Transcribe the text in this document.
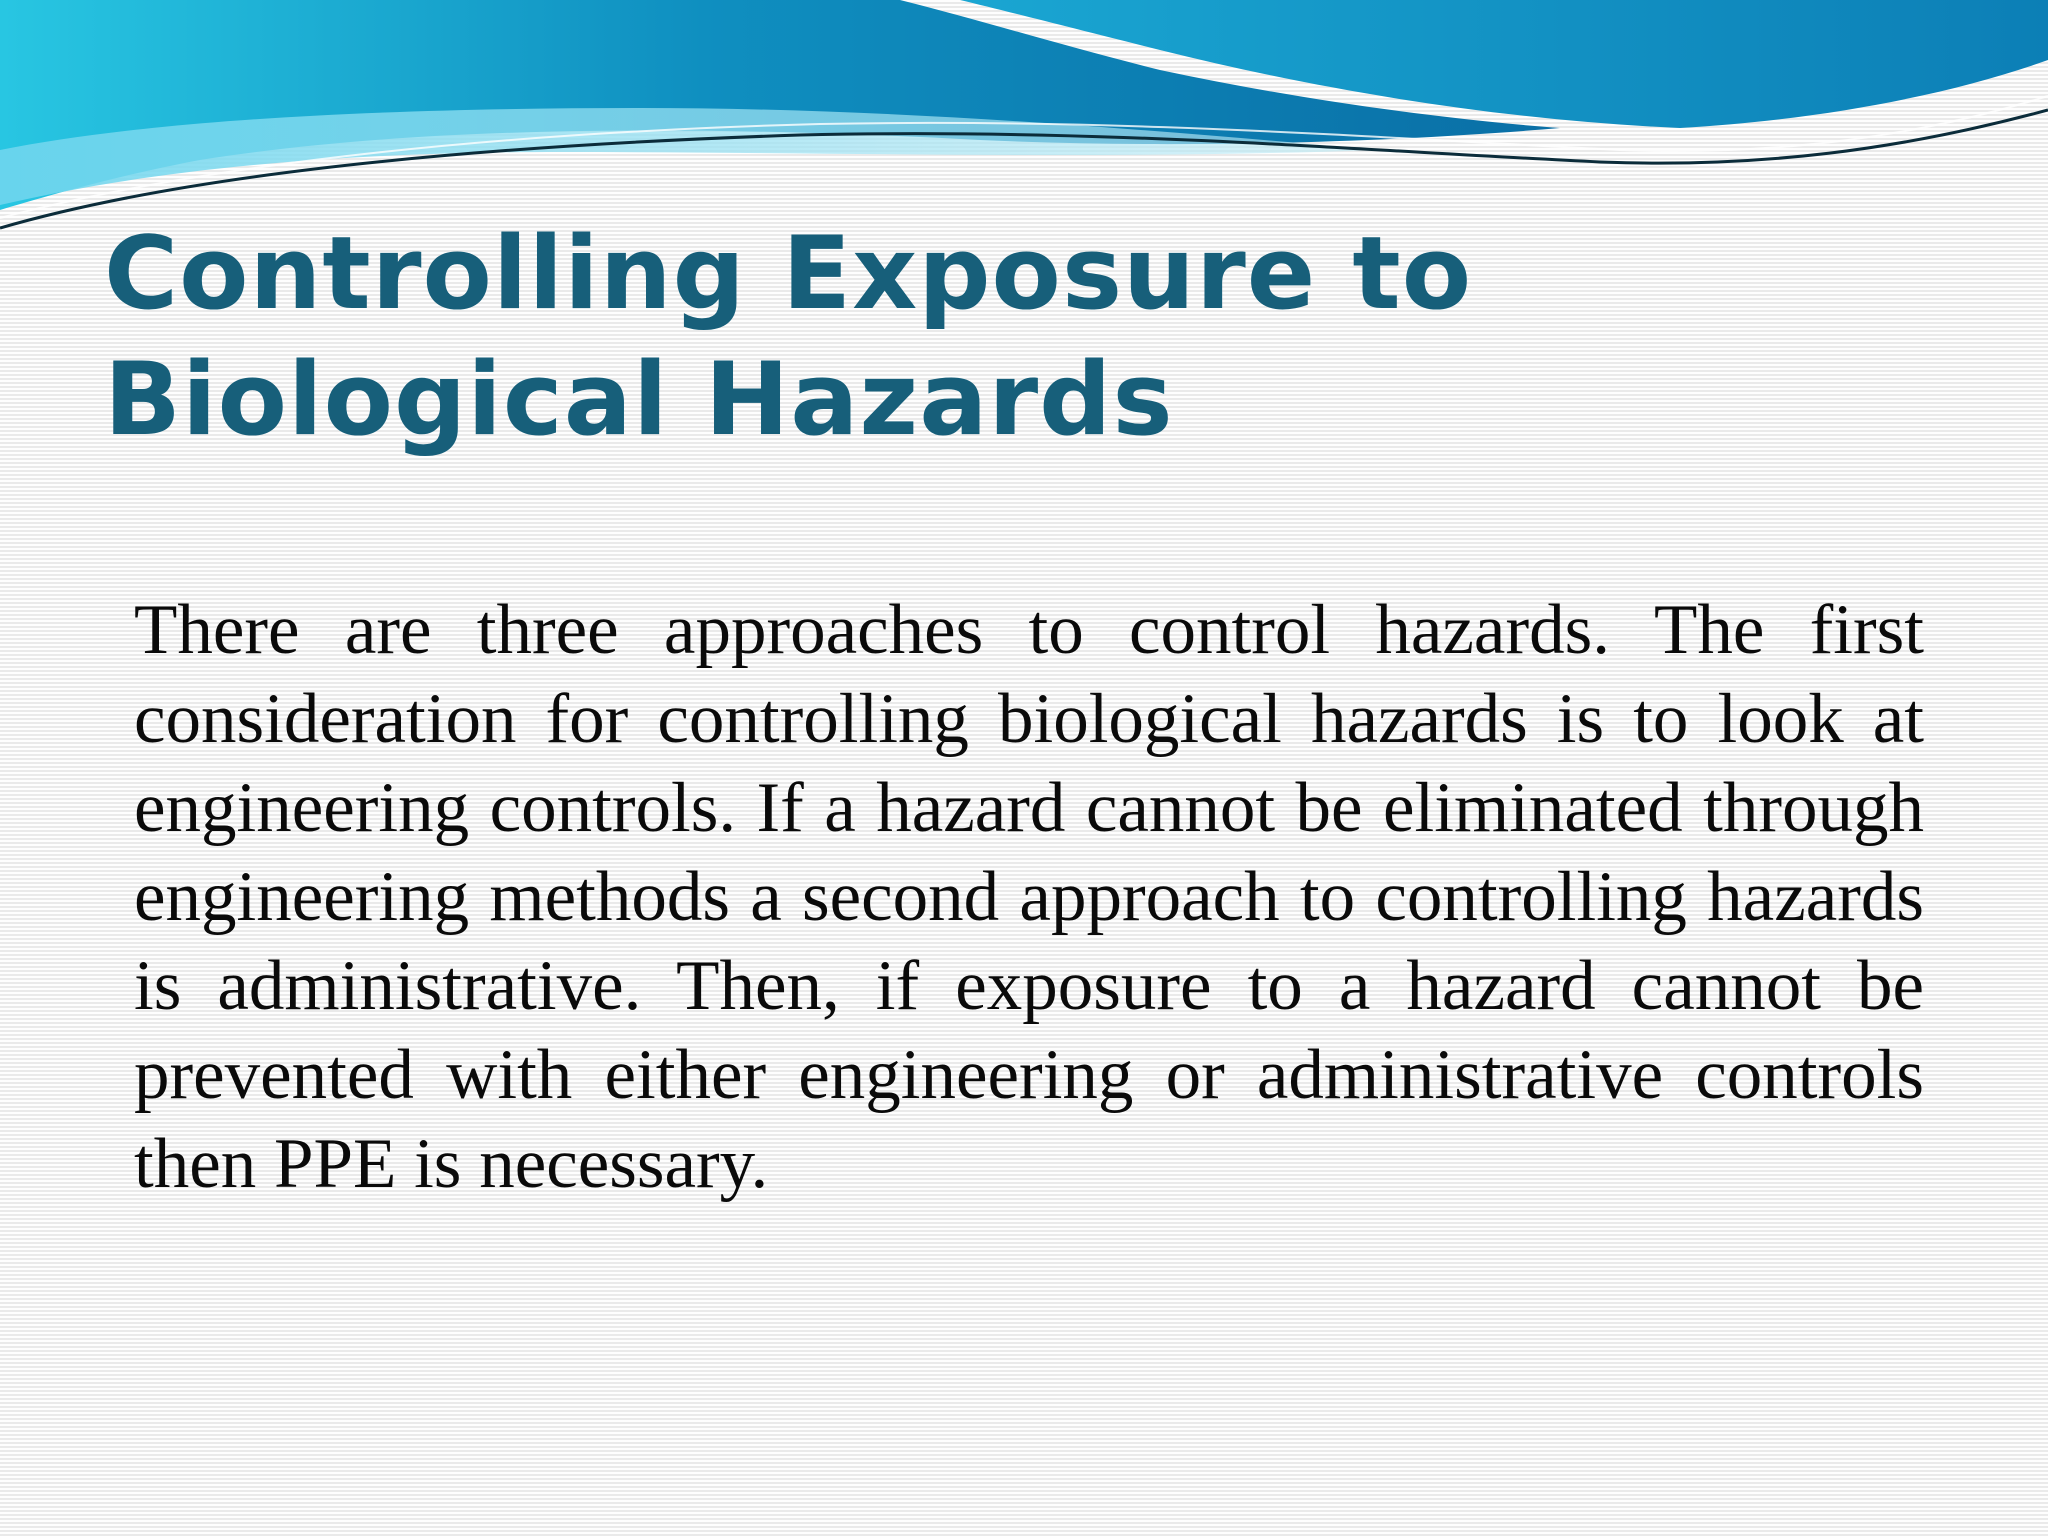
Controlling Exposure to Biological Hazards

There are three approaches to control hazards. The first consideration for controlling biological hazards is to look at engineering controls. If a hazard cannot be eliminated through engineering methods a second approach to controlling hazards is administrative. Then, if exposure to a hazard cannot be prevented with either engineering or administrative controls then PPE is necessary.
